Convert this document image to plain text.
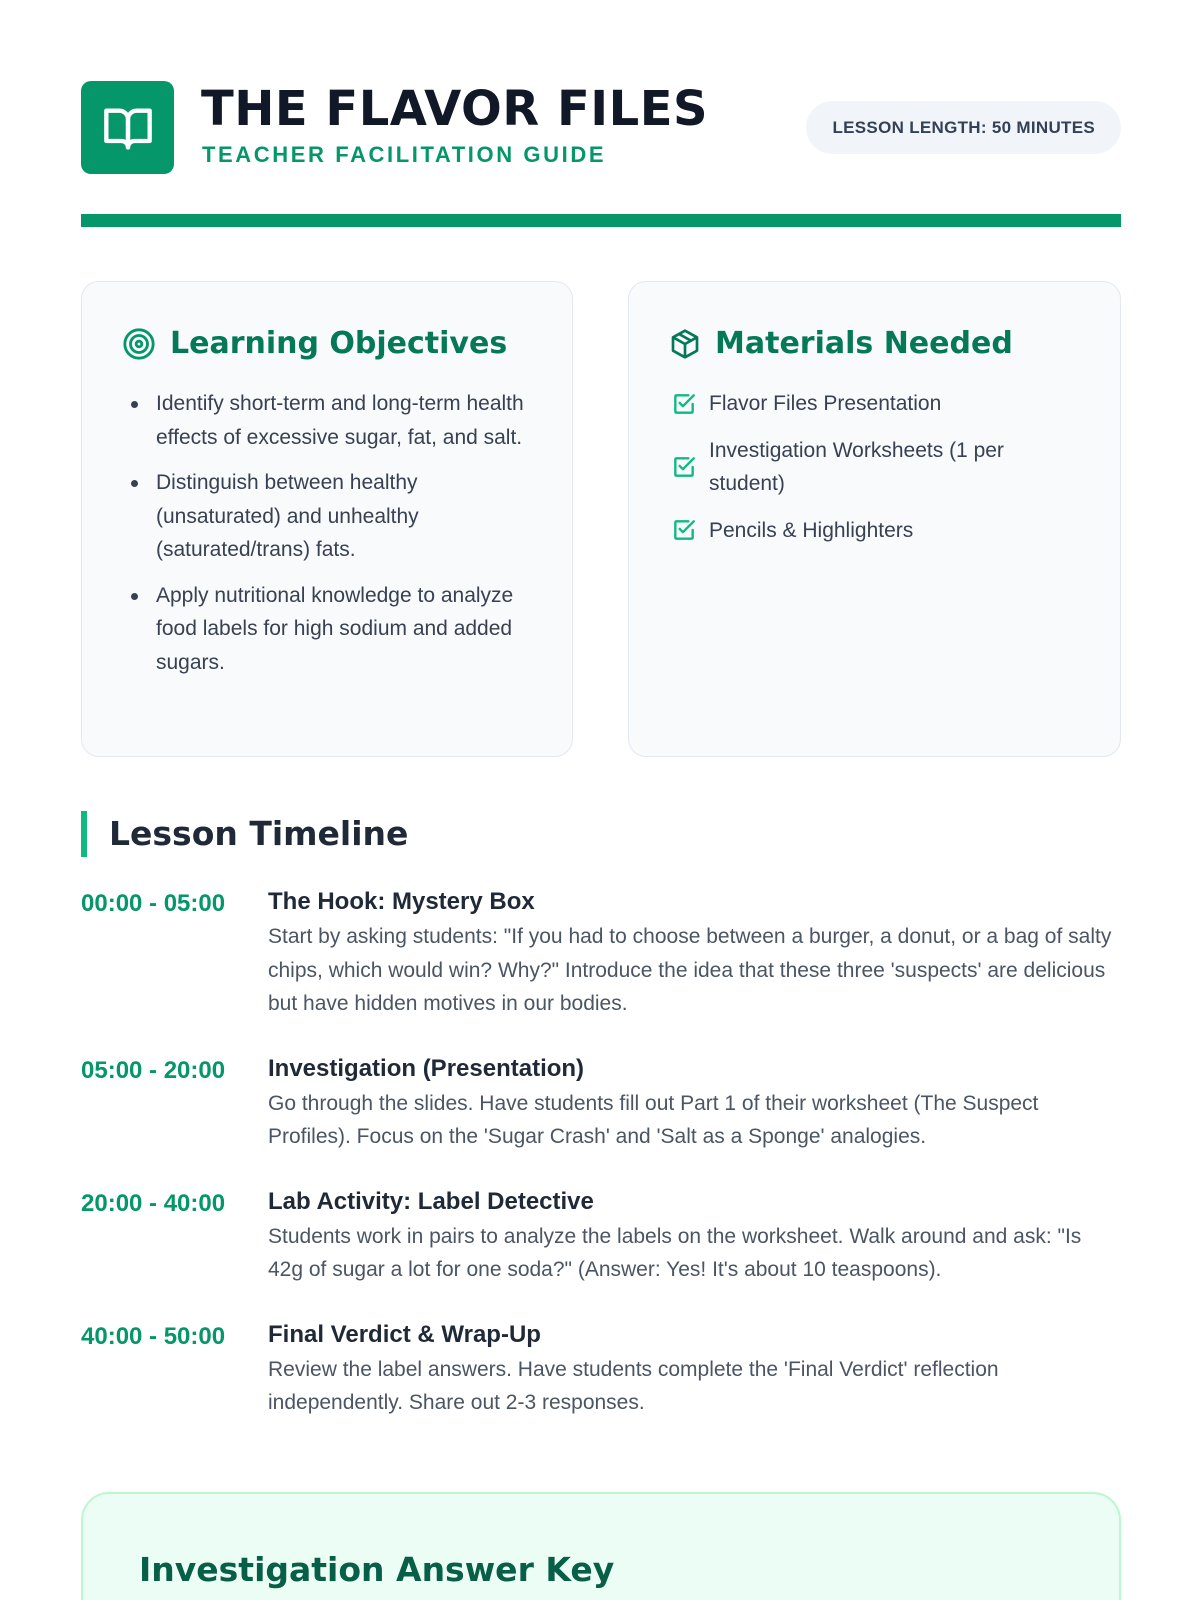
THE FLAVOR FILES
TEACHER FACILITATION GUIDE
LESSON LENGTH: 50 MINUTES
Learning Objectives
Identify short-term and long-term health effects of excessive sugar, fat, and salt.
Distinguish between healthy (unsaturated) and unhealthy (saturated/trans) fats.
Apply nutritional knowledge to analyze food labels for high sodium and added sugars.
Materials Needed
Flavor Files Presentation
Investigation Worksheets (1 per student)
Pencils & Highlighters
Lesson Timeline
00:00 - 05:00	The Hook: Mystery Box
Start by asking students: "If you had to choose between a burger, a donut, or a bag of salty chips, which would win? Why?" Introduce the idea that these three 'suspects' are delicious but have hidden motives in our bodies.
05:00 - 20:00	Investigation (Presentation)
Go through the slides. Have students fill out Part 1 of their worksheet (The Suspect Profiles). Focus on the 'Sugar Crash' and 'Salt as a Sponge' analogies.
20:00 - 40:00	Lab Activity: Label Detective
Students work in pairs to analyze the labels on the worksheet. Walk around and ask: "Is 42g of sugar a lot for one soda?" (Answer: Yes! It's about 10 teaspoons).
40:00 - 50:00	Final Verdict & Wrap-Up
Review the label answers. Have students complete the 'Final Verdict' reflection independently. Share out 2-3 responses.
Investigation Answer Key
